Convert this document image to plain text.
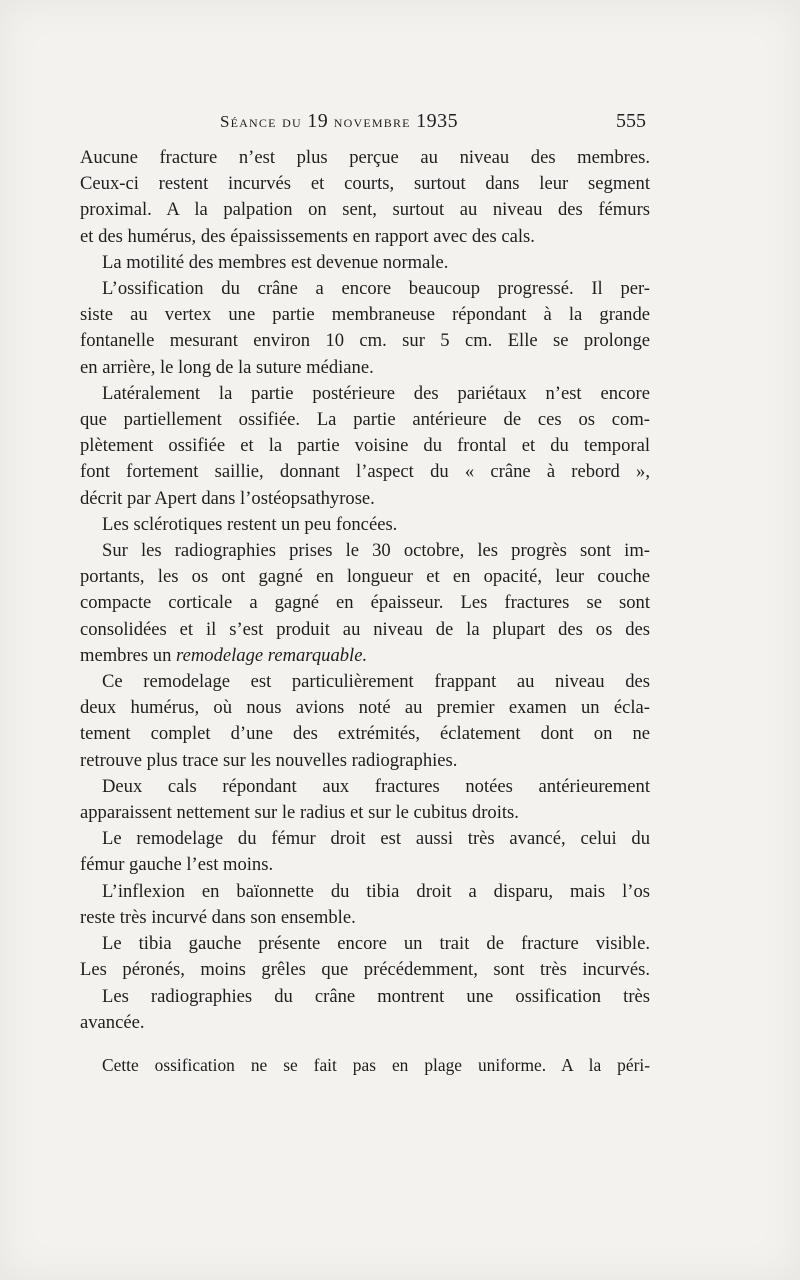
Séance du 19 novembre 1935	555

Aucune fracture n’est plus perçue au niveau des membres.
Ceux-ci restent incurvés et courts, surtout dans leur segment
proximal. A la palpation on sent, surtout au niveau des fémurs
et des humérus, des épaississements en rapport avec des cals.

La motilité des membres est devenue normale.

L’ossification du crâne a encore beaucoup progressé. Il per-
siste au vertex une partie membraneuse répondant à la grande
fontanelle mesurant environ 10 cm. sur 5 cm. Elle se prolonge
en arrière, le long de la suture médiane.

Latéralement la partie postérieure des pariétaux n’est encore
que partiellement ossifiée. La partie antérieure de ces os com-
plètement ossifiée et la partie voisine du frontal et du temporal
font fortement saillie, donnant l’aspect du « crâne à rebord »,
décrit par Apert dans l’ostéopsathyrose.

Les sclérotiques restent un peu foncées.

Sur les radiographies prises le 30 octobre, les progrès sont im-
portants, les os ont gagné en longueur et en opacité, leur couche
compacte corticale a gagné en épaisseur. Les fractures se sont
consolidées et il s’est produit au niveau de la plupart des os des
membres un remodelage remarquable.

Ce remodelage est particulièrement frappant au niveau des
deux humérus, où nous avions noté au premier examen un écla-
tement complet d’une des extrémités, éclatement dont on ne
retrouve plus trace sur les nouvelles radiographies.

Deux cals répondant aux fractures notées antérieurement
apparaissent nettement sur le radius et sur le cubitus droits.

Le remodelage du fémur droit est aussi très avancé, celui du
fémur gauche l’est moins.

L’inflexion en baïonnette du tibia droit a disparu, mais l’os
reste très incurvé dans son ensemble.

Le tibia gauche présente encore un trait de fracture visible.

Les péronés, moins grêles que précédemment, sont très incurvés.

Les radiographies du crâne montrent une ossification très
avancée.

Cette ossification ne se fait pas en plage uniforme. A la péri-
